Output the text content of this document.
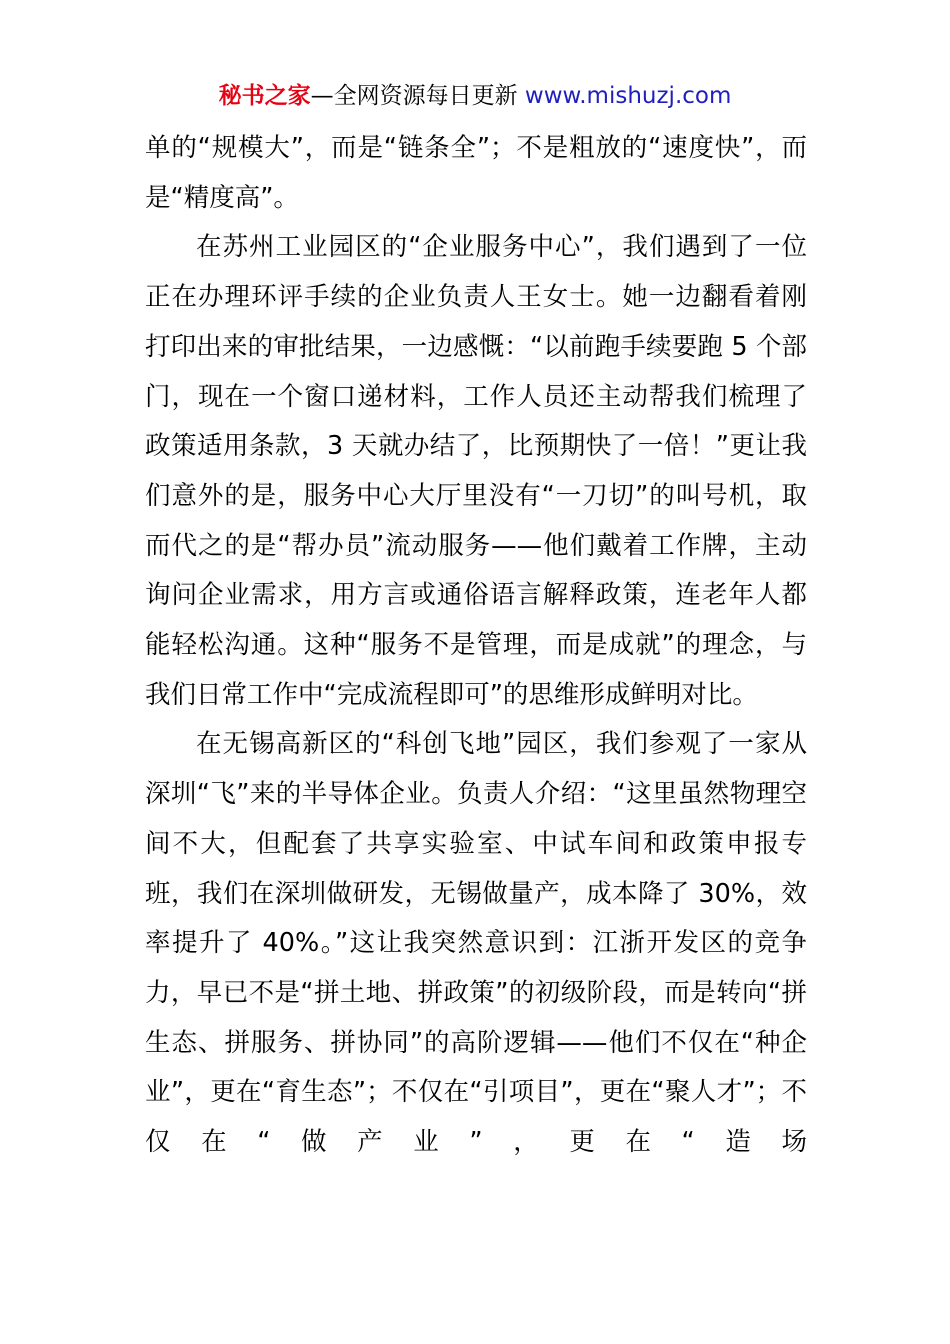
秘书之家—全网资源每日更新 www.mishuzj.com

单的“规模大”，而是“链条全”；不是粗放的“速度快”，而是“精度高”。

在苏州工业园区的“企业服务中心”，我们遇到了一位正在办理环评手续的企业负责人王女士。她一边翻看着刚打印出来的审批结果，一边感慨：“以前跑手续要跑 5 个部门，现在一个窗口递材料，工作人员还主动帮我们梳理了政策适用条款，3 天就办结了，比预期快了一倍！”更让我们意外的是，服务中心大厅里没有“一刀切”的叫号机，取而代之的是“帮办员”流动服务——他们戴着工作牌，主动询问企业需求，用方言或通俗语言解释政策，连老年人都能轻松沟通。这种“服务不是管理，而是成就”的理念，与我们日常工作中“完成流程即可”的思维形成鲜明对比。

在无锡高新区的“科创飞地”园区，我们参观了一家从深圳“飞”来的半导体企业。负责人介绍：“这里虽然物理空间不大，但配套了共享实验室、中试车间和政策申报专班，我们在深圳做研发，无锡做量产，成本降了 30%，效率提升了 40%。”这让我突然意识到：江浙开发区的竞争力，早已不是“拼土地、拼政策”的初级阶段，而是转向“拼生态、拼服务、拼协同”的高阶逻辑——他们不仅在“种企业”，更在“育生态”；不仅在“引项目”，更在“聚人才”；不仅在“做产业”，更在“造场
